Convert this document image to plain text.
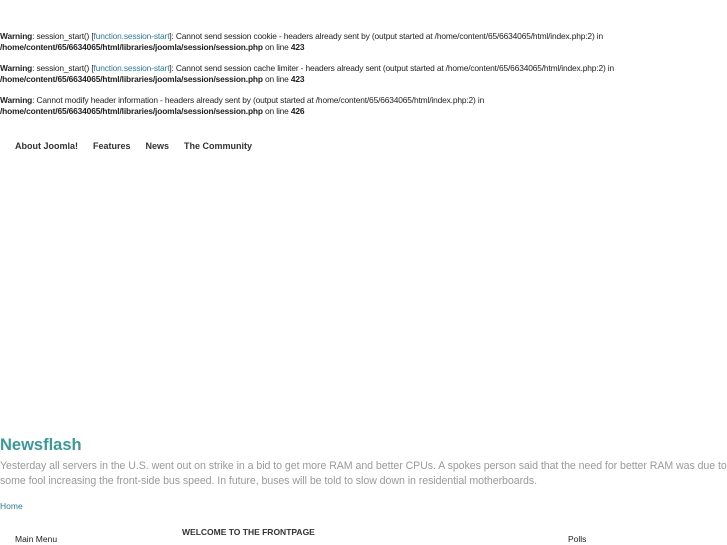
Warning: session_start() [function.session-start]: Cannot send session cookie - headers already sent by (output started at /home/content/65/6634065/html/index.php:2) in
/home/content/65/6634065/html/libraries/joomla/session/session.php on line 423
Warning: session_start() [function.session-start]: Cannot send session cache limiter - headers already sent (output started at /home/content/65/6634065/html/index.php:2) in
/home/content/65/6634065/html/libraries/joomla/session/session.php on line 423
Warning: Cannot modify header information - headers already sent by (output started at /home/content/65/6634065/html/index.php:2) in
/home/content/65/6634065/html/libraries/joomla/session/session.php on line 426
About Joomla! Features News The Community
Newsflash

Yesterday all servers in the U.S. went out on strike in a bid to get more RAM and better CPUs. A spokes person said that the need for better RAM was due to some fool increasing the front-side bus speed. In future, buses will be told to slow down in residential motherboards.

Home
Main Menu
WELCOME TO THE FRONTPAGE
Polls
